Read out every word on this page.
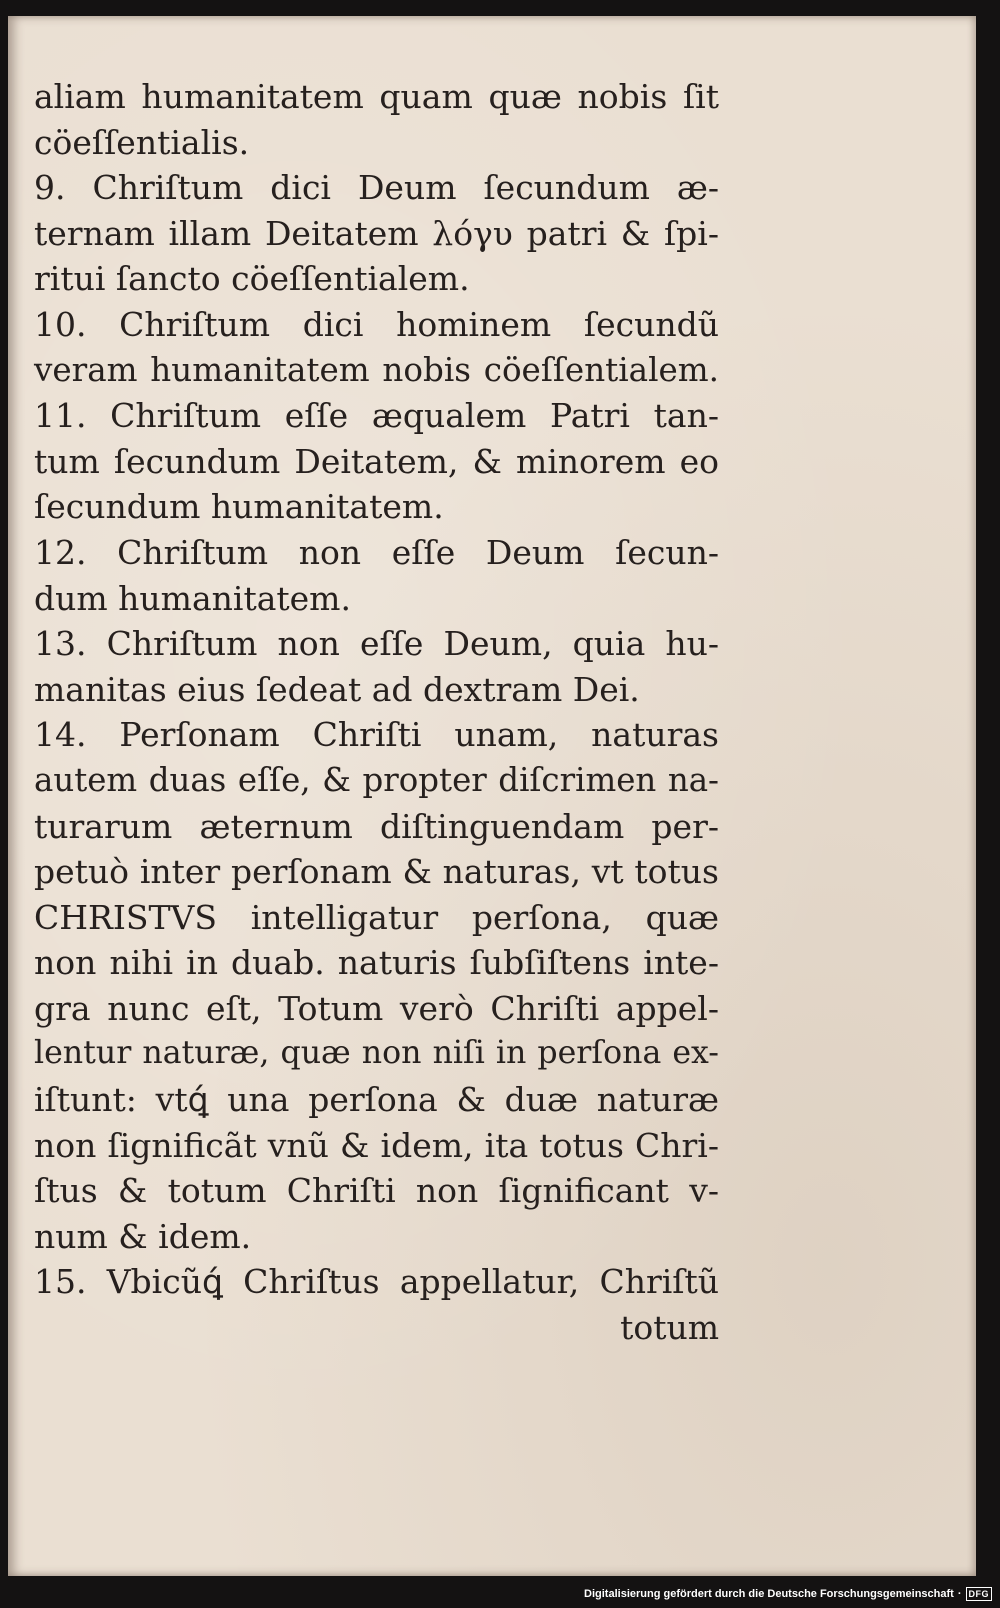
aliam humanitatem quam quæ nobis ſit
cöeſſentialis.
9. Chriſtum dici Deum ſecundum æ-
ternam illam Deitatem λόγυ patri & ſpi-
ritui ſancto cöeſſentialem.
10. Chriſtum dici hominem ſecundũ
veram humanitatem nobis cöeſſentialem.
11. Chriſtum eſſe æqualem Patri tan-
tum ſecundum Deitatem, & minorem eo
ſecundum humanitatem.
12. Chriſtum non eſſe Deum ſecun-
dum humanitatem.
13. Chriſtum non eſſe Deum, quia hu-
manitas eius ſedeat ad dextram Dei.
14. Perſonam Chriſti unam, naturas
autem duas eſſe, & propter diſcrimen na-
turarum æternum diſtinguendam per-
petuò inter perſonam & naturas, vt totus
CHRISTVS intelligatur perſona, quæ
non nihi in duab. naturis ſubſiſtens inte-
gra nunc eſt, Totum verò Chriſti appel-
lentur naturæ, quæ non niſi in perſona ex-
iſtunt: vtꝗ́ una perſona & duæ naturæ
non ſignificãt vnũ & idem, ita totus Chri-
ſtus & totum Chriſti non ſignificant v-
num & idem.
15. Vbicũꝗ́ Chriſtus appellatur, Chriſtũ
totum
Digitalisierung gefördert durch die Deutsche Forschungsgemeinschaft · DFG
